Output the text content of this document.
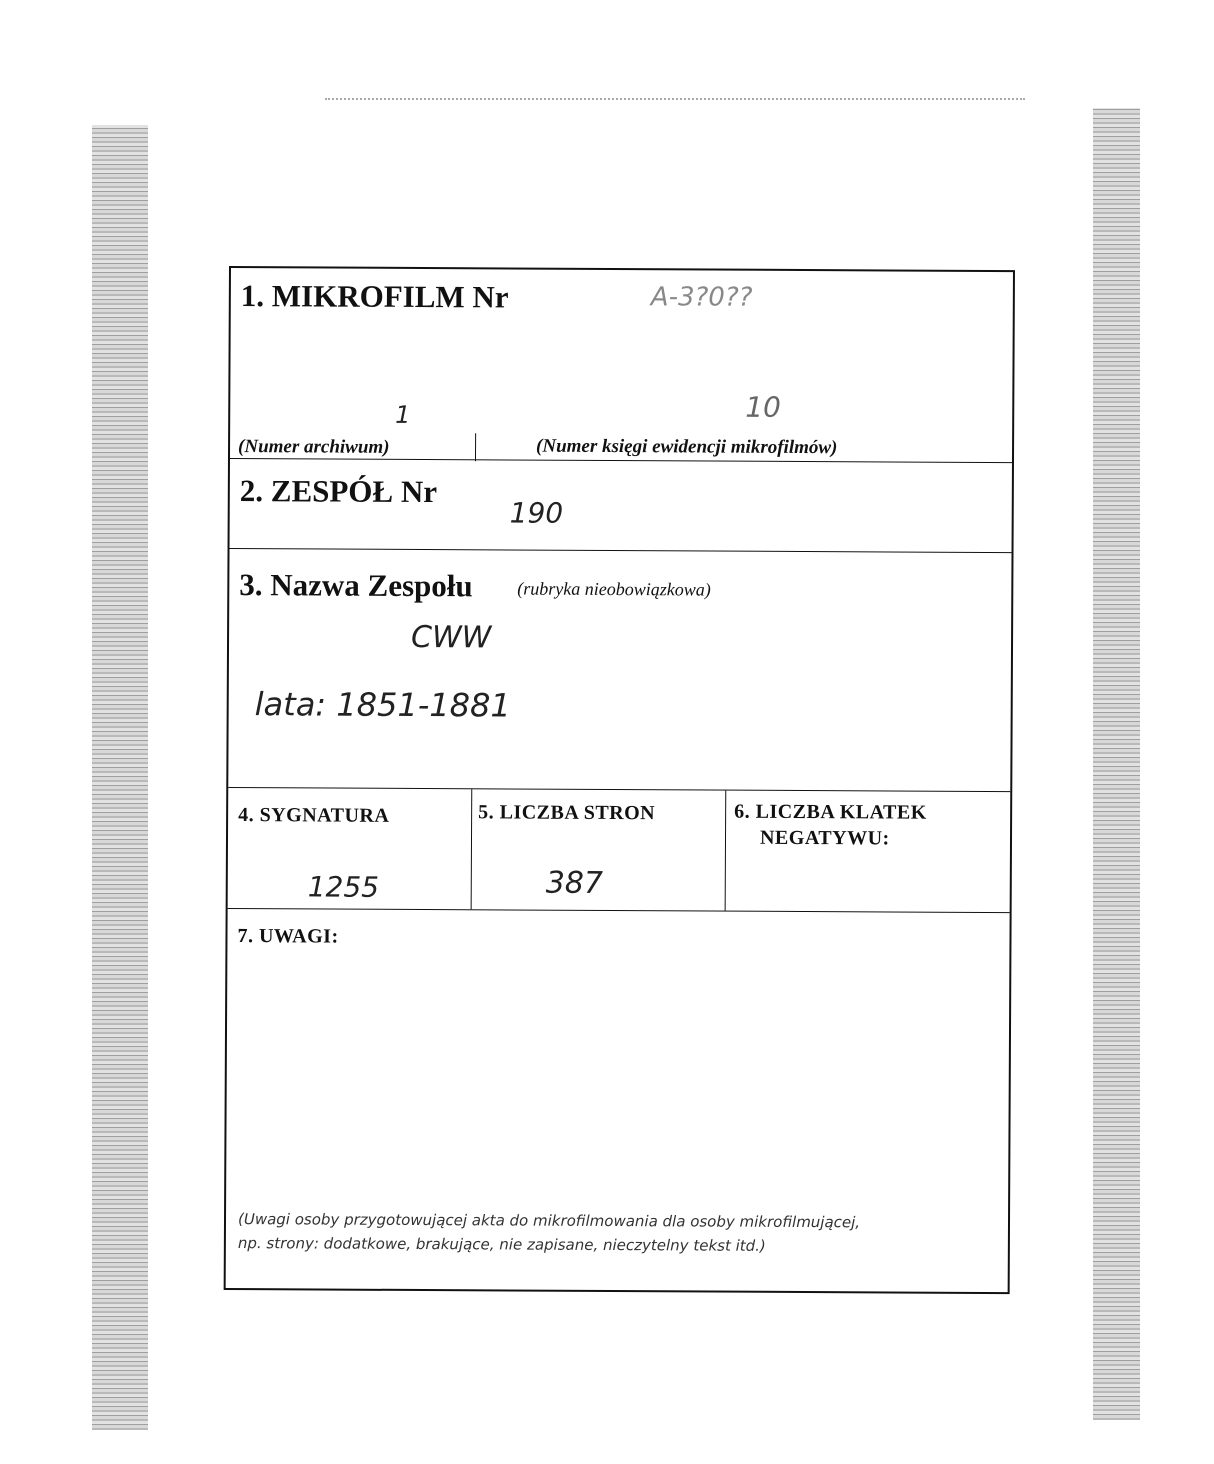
1. MIKROFILM Nr	A-3?0??
1	10
(Numer archiwum)	(Numer księgi ewidencji mikrofilmów)
2. ZESPÓŁ Nr
190
3. Nazwa Zespołu (rubryka nieobowiązkowa)
CWW
lata: 1851-1881
4. SYGNATURA
1255
5. LICZBA STRON
387
6. LICZBA KLATEK
NEGATYWU:
7. UWAGI:
(Uwagi osoby przygotowującej akta do mikrofilmowania dla osoby mikrofilmującej,
np. strony: dodatkowe, brakujące, nie zapisane, nieczytelny tekst itd.)
